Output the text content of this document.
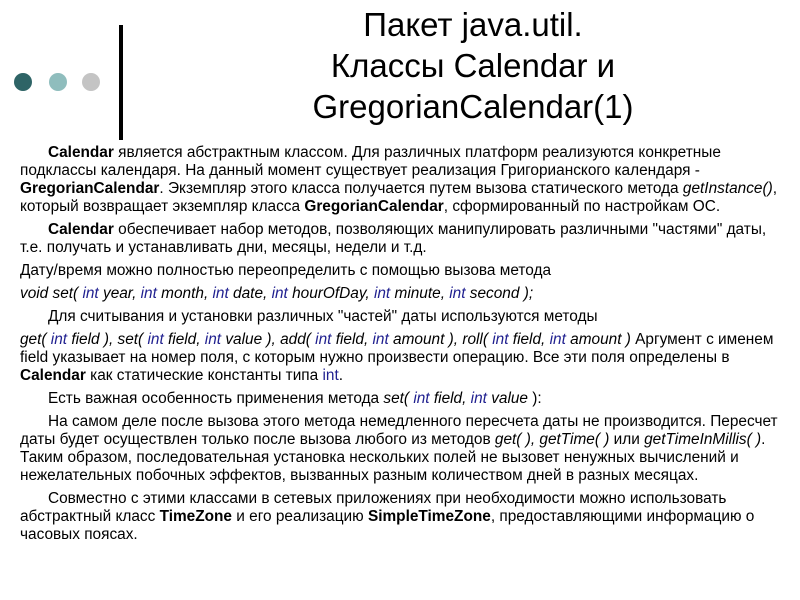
Пакет java.util.
Классы Calendar и
GregorianCalendar(1)

Calendar является абстрактным классом. Для различных платформ реализуются конкретные подклассы календаря. На данный момент существует реализация Григорианского календаря - GregorianCalendar. Экземпляр этого класса получается путем вызова статического метода getInstance(), который возвращает экземпляр класса GregorianCalendar, сформированный по настройкам ОС.

Calendar обеспечивает набор методов, позволяющих манипулировать различными "частями" даты, т.е. получать и устанавливать дни, месяцы, недели и т.д.

Дату/время можно полностью переопределить с помощью вызова метода

void set( int year, int month, int date, int hourOfDay, int minute, int second );

Для считывания и установки различных "частей" даты используются методы

get( int field ), set( int field, int value ), add( int field, int amount ), roll( int field, int amount ) Аргумент с именем field указывает на номер поля, с которым нужно произвести операцию. Все эти поля определены в Calendar как статические константы типа int.

Есть важная особенность применения метода set( int field, int value ):

На самом деле после вызова этого метода немедленного пересчета даты не производится. Пересчет даты будет осуществлен только после вызова любого из методов get( ), getTime( ) или getTimeInMillis( ). Таким образом, последовательная установка нескольких полей не вызовет ненужных вычислений и нежелательных побочных эффектов, вызванных разным количеством дней в разных месяцах.

Совместно с этими классами в сетевых приложениях при необходимости можно использовать абстрактный класс TimeZone и его реализацию SimpleTimeZone, предоставляющими информацию о часовых поясах.
